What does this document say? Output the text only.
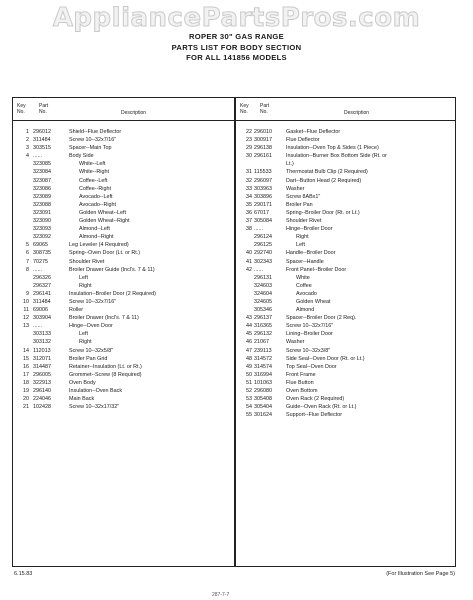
AppliancePartsPros.com
ROPER 30" GAS RANGE
PARTS LIST FOR BODY SECTION
FOR ALL 141856 MODELS
Key
No.
Part
No.	Description
1 296012	Shield--Flue Deflector
2 311484	Screw 10--32x7/16"
3 303515	Spacer--Main Top
4 ......	Body Side
323085	White--Left
323084	White--Right
323087	Coffee--Left
323086	Coffee--Right
323089	Avocado--Left
323088	Avocado--Right
323091	Golden Wheat--Left
323090	Golden Wheat--Right
323093	Almond--Left
323092	Almond--Right
5 69065	Leg Leveler (4 Required)
6 308735	Spring--Oven Door (Lt. or Rt.)
7 70275	Shoulder Rivet
8 ......	Broiler Drawer Guide (Incl's. 7 & 11)
296326	Left
296327	Right
9 296141	Insulation--Broiler Door (2 Required)
10 311484	Screw 10--32x7/16"
11 69006	Roller
12 303904	Broiler Drawer (Incl's. 7 & 11)
13 ......	Hinge--Oven Door
303133	Left
303132	Right
14 112013	Screw 10--32x5/8"
15 312071	Broiler Pan Grid
16 314487	Retainer--Insulation (Lt. or Rt.)
17 296005	Grommet--Screw (8 Required)
18 322913	Oven Body
19 296140	Insulation--Oven Back
20 224046	Main Back
21 102428	Screw 10--32x17/32"
Key
No.
Part
No.	Description
22 296010	Gasket--Flue Deflector
23 300917	Flue Deflector
29 296138	Insulation--Oven Top & Sides (1 Piece)
30 296161	Insulation--Burner Box Bottom Side (Rt. or
Lt.)
31 115533	Thermostat Bulb Clip (2 Required)
32 296097	Dart--Button Head (2 Required)
33 303963	Washer
34 303896	Screw 8ABx1"
35 290171	Broiler Pan
36 67017	Spring--Broiler Door (Rt. or Lt.)
37 305084	Shoulder Rivet
38 ......	Hinge--Broiler Door
296124	Right
296125	Left
40 292740	Handle--Broiler Door
41 302343	Spacer--Handle
42 ......	Front Panel--Broiler Door
296131	White
324603	Coffee
324604	Avocado
324605	Golden Wheat
305346	Almond
43 296137	Spacer--Broiler Door (2 Req).
44 316365	Screw 10--32x7/16"
45 296132	Lining--Broiler Door
46 21067	Washer
47 239113	Screw 10--32x3/8"
48 314572	Side Seal--Oven Door (Rt. or Lt.)
49 314574	Top Seal--Oven Door
50 316994	Front Frame
51 101063	Flue Button
52 296080	Oven Bottom
53 305408	Oven Rack (2 Required)
54 305404	Guide--Oven Rack (Rt. or Lt.)
55 301624	Support--Flue Deflector
6.15.83
287-7-7
(For Illustration See Page 5)
